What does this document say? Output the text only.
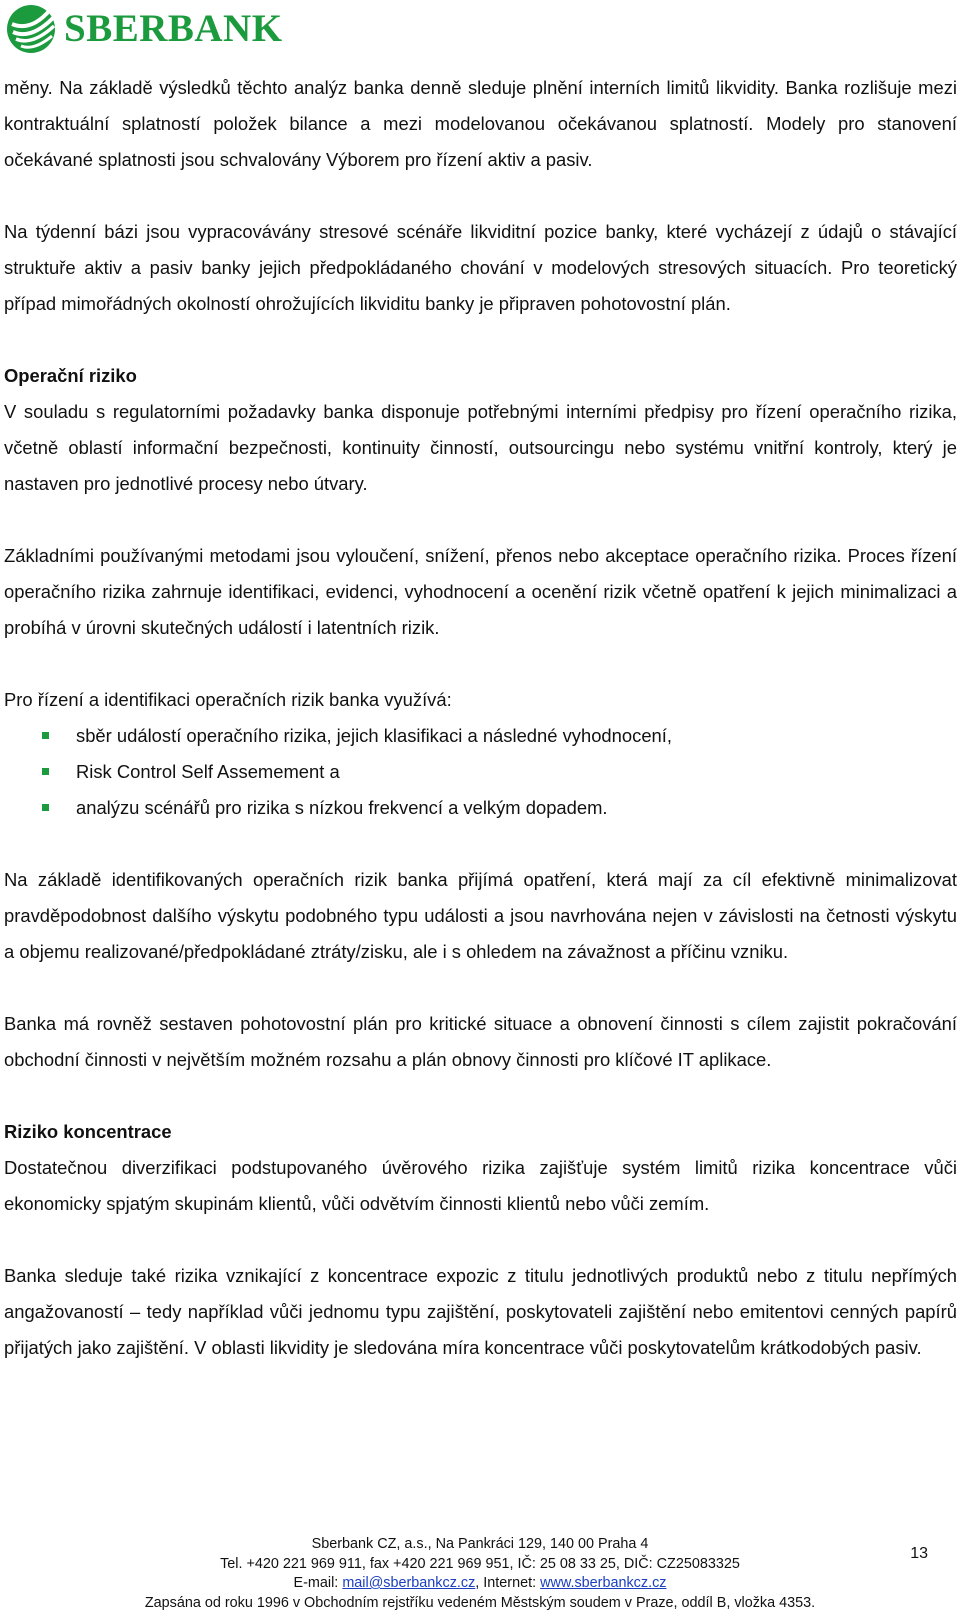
SBERBANK

měny. Na základě výsledků těchto analýz banka denně sleduje plnění interních limitů likvidity. Banka rozlišuje mezi kontraktuální splatností položek bilance a mezi modelovanou očekávanou splatností. Modely pro stanovení očekávané splatnosti jsou schvalovány Výborem pro řízení aktiv a pasiv.

Na týdenní bázi jsou vypracovávány stresové scénáře likviditní pozice banky, které vycházejí z údajů o stávající struktuře aktiv a pasiv banky jejich předpokládaného chování v modelových stresových situacích. Pro teoretický případ mimořádných okolností ohrožujících likviditu banky je připraven pohotovostní plán.

Operační riziko

V souladu s regulatorními požadavky banka disponuje potřebnými interními předpisy pro řízení operačního rizika, včetně oblastí informační bezpečnosti, kontinuity činností, outsourcingu nebo systému vnitřní kontroly, který je nastaven pro jednotlivé procesy nebo útvary.

Základními používanými metodami jsou vyloučení, snížení, přenos nebo akceptace operačního rizika. Proces řízení operačního rizika zahrnuje identifikaci, evidenci, vyhodnocení a ocenění rizik včetně opatření k jejich minimalizaci a probíhá v úrovni skutečných událostí i latentních rizik.

Pro řízení a identifikaci operačních rizik banka využívá:

sběr událostí operačního rizika, jejich klasifikaci a následné vyhodnocení,
Risk Control Self Assemement a
analýzu scénářů pro rizika s nízkou frekvencí a velkým dopadem.

Na základě identifikovaných operačních rizik banka přijímá opatření, která mají za cíl efektivně minimalizovat pravděpodobnost dalšího výskytu podobného typu události a jsou navrhována nejen v závislosti na četnosti výskytu a objemu realizované/předpokládané ztráty/zisku, ale i s ohledem na závažnost a příčinu vzniku.

Banka má rovněž sestaven pohotovostní plán pro kritické situace a obnovení činnosti s cílem zajistit pokračování obchodní činnosti v největším možném rozsahu a plán obnovy činnosti pro klíčové IT aplikace.

Riziko koncentrace

Dostatečnou diverzifikaci podstupovaného úvěrového rizika zajišťuje systém limitů rizika koncentrace vůči ekonomicky spjatým skupinám klientů, vůči odvětvím činnosti klientů nebo vůči zemím.

Banka sleduje také rizika vznikající z koncentrace expozic z titulu jednotlivých produktů nebo z titulu nepřímých angažovaností – tedy například vůči jednomu typu zajištění, poskytovateli zajištění nebo emitentovi cenných papírů přijatých jako zajištění. V oblasti likvidity je sledována míra koncentrace vůči poskytovatelům krátkodobých pasiv.

Sberbank CZ, a.s., Na Pankráci 129, 140 00 Praha 4
Tel. +420 221 969 911, fax +420 221 969 951, IČ: 25 08 33 25, DIČ: CZ25083325
E-mail: mail@sberbankcz.cz, Internet: www.sberbankcz.cz
Zapsána od roku 1996 v Obchodním rejstříku vedeném Městským soudem v Praze, oddíl B, vložka 4353.
13
